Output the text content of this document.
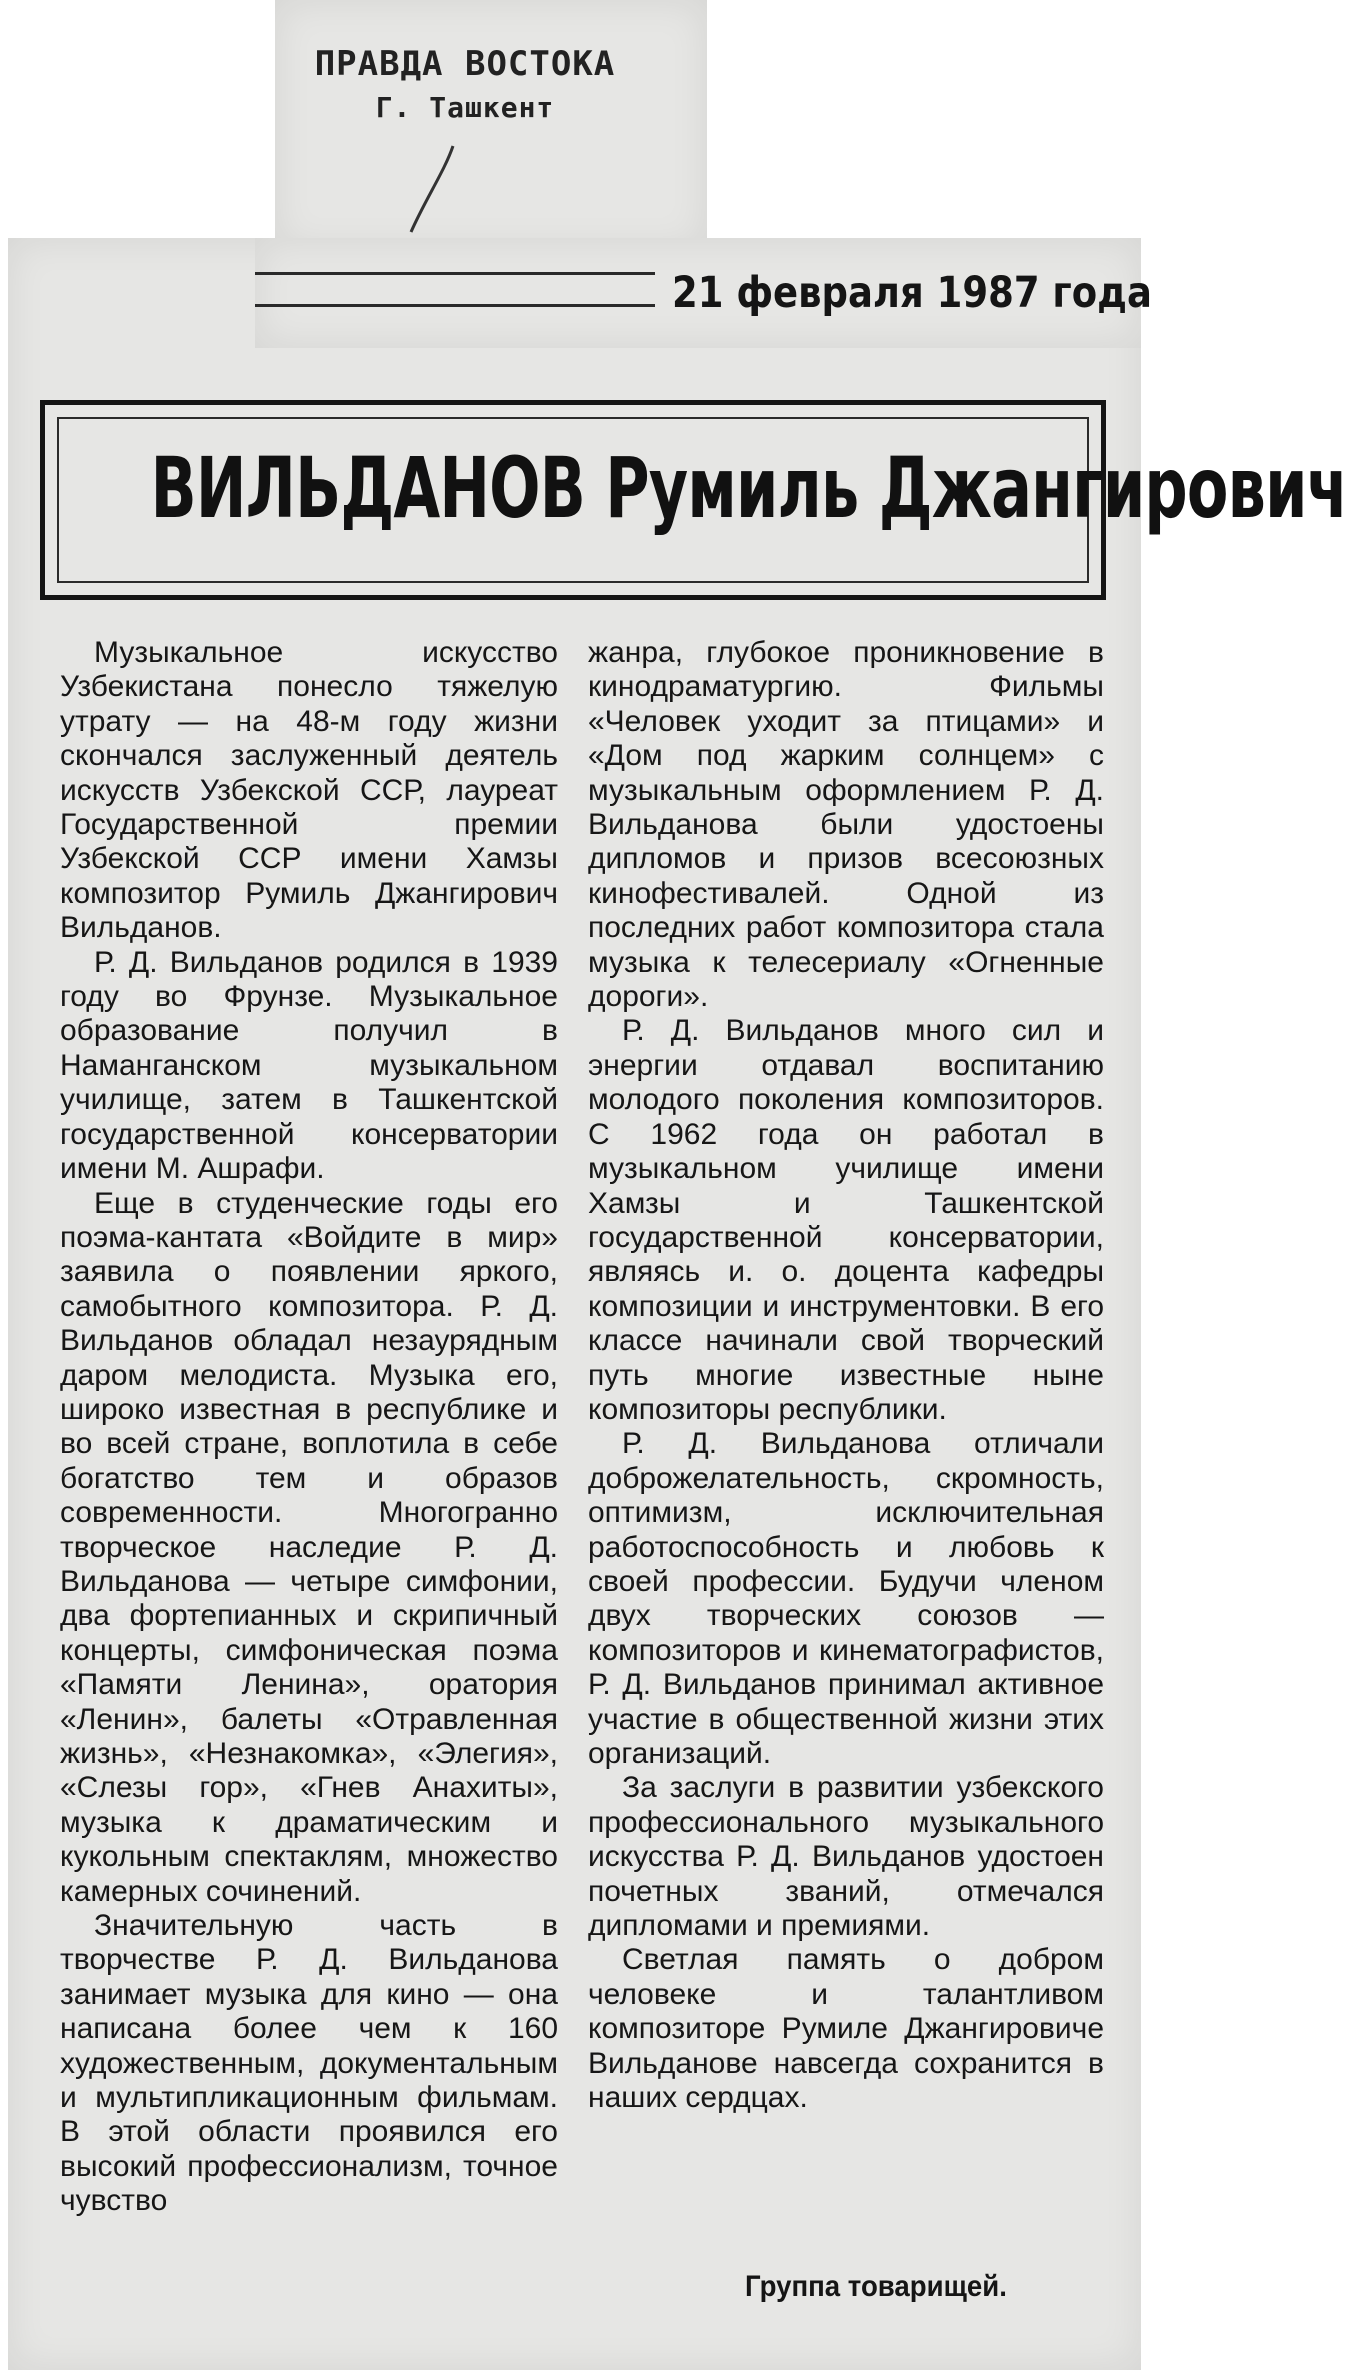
ПРАВДА ВОСТОКА
Г. Ташкент
21 февраля 1987 года
ВИЛЬДАНОВ Румиль Джангирович

Музыкальное искусство Узбекистана понесло тяжелую утрату — на 48-м году жизни скончался заслуженный деятель искусств Узбекской ССР, лауреат Государственной премии Узбекской ССР имени Хамзы композитор Румиль Джангирович Вильданов.

Р. Д. Вильданов родился в 1939 году во Фрунзе. Музыкальное образование получил в Наманганском музыкальном училище, затем в Ташкентской государственной консерватории имени М. Ашрафи.

Еще в студенческие годы его поэма-кантата «Войдите в мир» заявила о появлении яркого, самобытного композитора. Р. Д. Вильданов обладал незаурядным даром мелодиста. Музыка его, широко известная в республике и во всей стране, воплотила в себе богатство тем и образов современности. Многогранно творческое наследие Р. Д. Вильданова — четыре симфонии, два фортепианных и скрипичный концерты, симфоническая поэма «Памяти Ленина», оратория «Ленин», балеты «Отравленная жизнь», «Незнакомка», «Элегия», «Слезы гор», «Гнев Анахиты», музыка к драматическим и кукольным спектаклям, множество камерных сочинений.

Значительную часть в творчестве Р. Д. Вильданова занимает музыка для кино — она написана более чем к 160 художественным, документальным и мультипликационным фильмам. В этой области проявился его высокий профессионализм, точное чувство

жанра, глубокое проникновение в кинодраматургию. Фильмы «Человек уходит за птицами» и «Дом под жарким солнцем» с музыкальным оформлением Р. Д. Вильданова были удостоены дипломов и призов всесоюзных кинофестивалей. Одной из последних работ композитора стала музыка к телесериалу «Огненные дороги».

Р. Д. Вильданов много сил и энергии отдавал воспитанию молодого поколения композиторов. С 1962 года он работал в музыкальном училище имени Хамзы и Ташкентской государственной консерватории, являясь и. о. доцента кафедры композиции и инструментовки. В его классе начинали свой творческий путь многие известные ныне композиторы республики.

Р. Д. Вильданова отличали доброжелательность, скромность, оптимизм, исключительная работоспособность и любовь к своей профессии. Будучи членом двух творческих союзов — композиторов и кинематографистов, Р. Д. Вильданов принимал активное участие в общественной жизни этих организаций.

За заслуги в развитии узбекского профессионального музыкального искусства Р. Д. Вильданов удостоен почетных званий, отмечался дипломами и премиями.

Светлая память о добром человеке и талантливом композиторе Румиле Джангировиче Вильданове навсегда сохранится в наших сердцах.

Группа товарищей.
